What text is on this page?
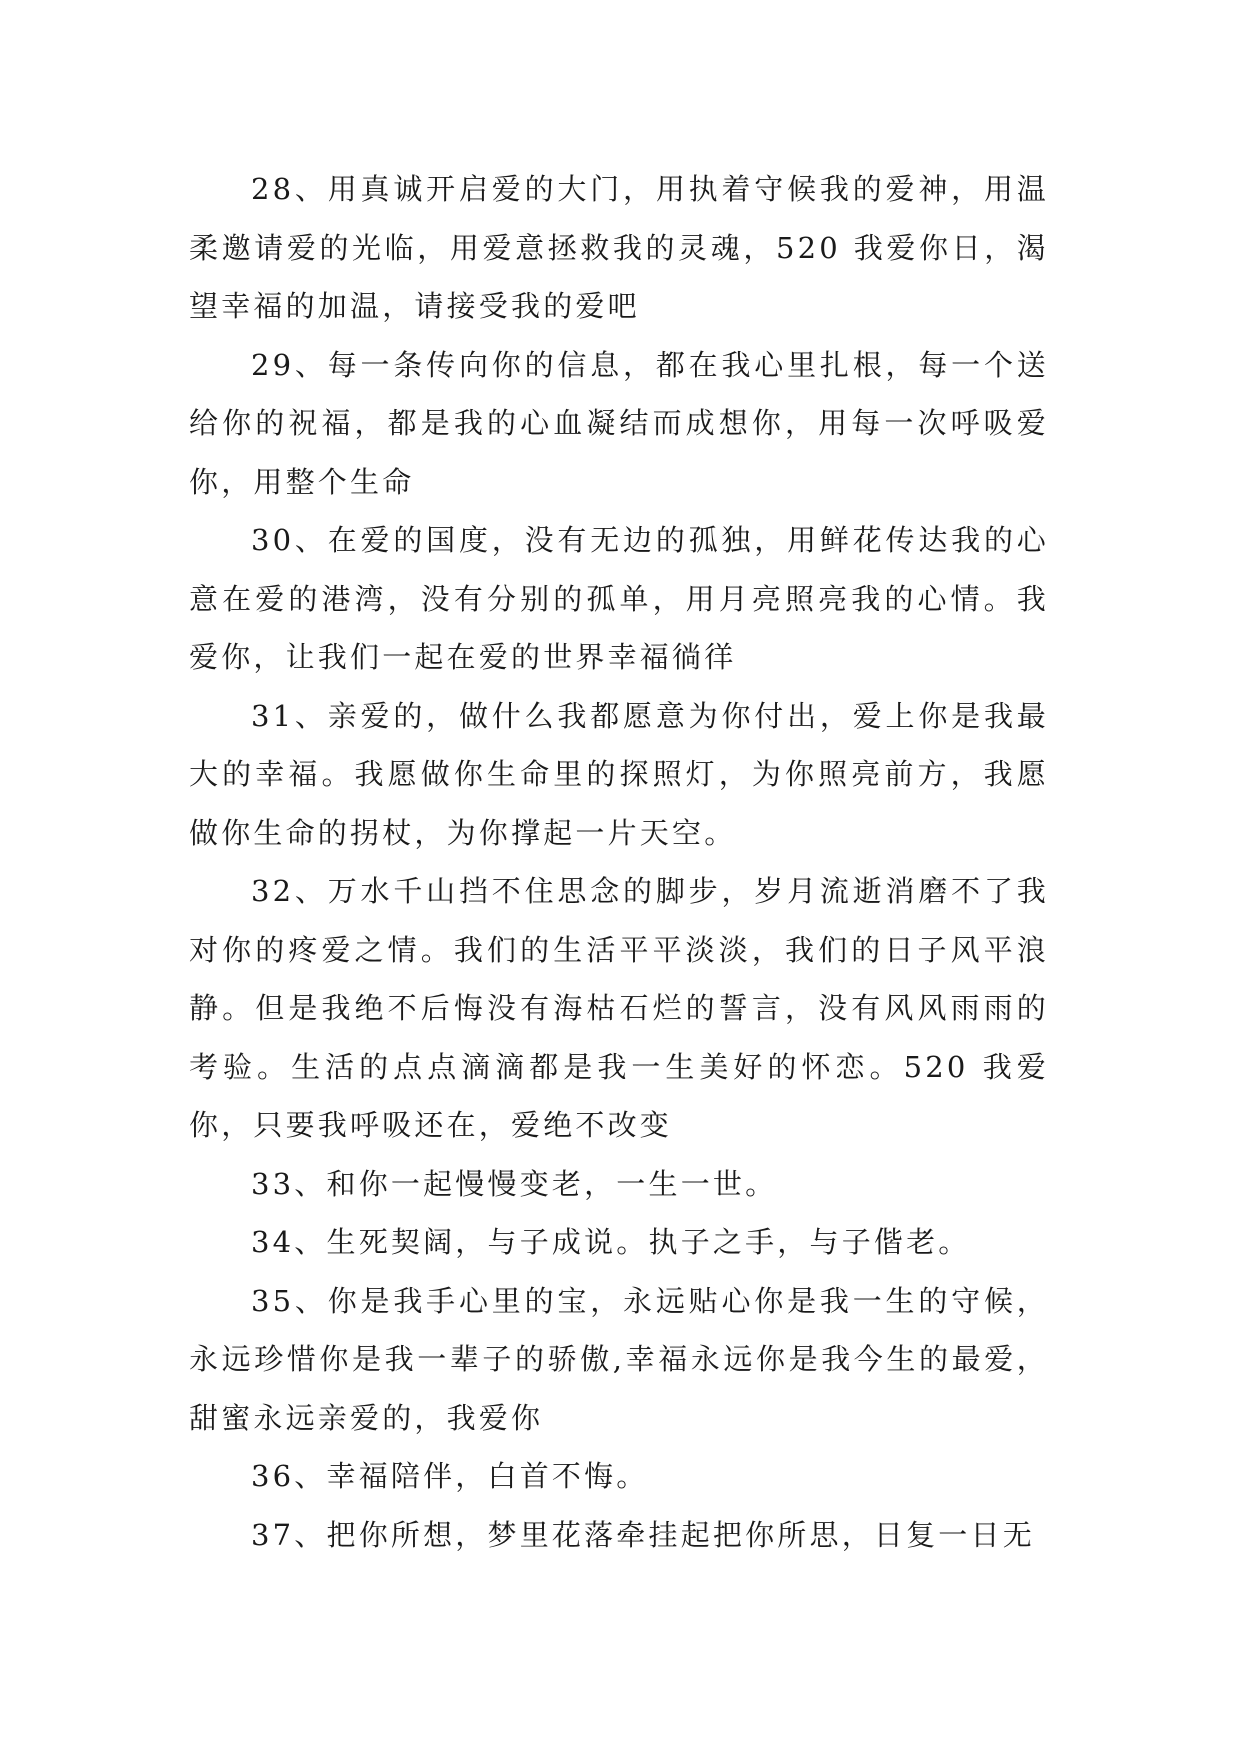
28、用真诚开启爱的大门，用执着守候我的爱神，用温柔邀请爱的光临，用爱意拯救我的灵魂，520 我爱你日，渴望幸福的加温，请接受我的爱吧

29、每一条传向你的信息，都在我心里扎根，每一个送给你的祝福，都是我的心血凝结而成想你，用每一次呼吸爱你，用整个生命

30、在爱的国度，没有无边的孤独，用鲜花传达我的心意在爱的港湾，没有分别的孤单，用月亮照亮我的心情。我爱你，让我们一起在爱的世界幸福徜徉

31、亲爱的，做什么我都愿意为你付出，爱上你是我最大的幸福。我愿做你生命里的探照灯，为你照亮前方，我愿做你生命的拐杖，为你撑起一片天空。

32、万水千山挡不住思念的脚步，岁月流逝消磨不了我对你的疼爱之情。我们的生活平平淡淡，我们的日子风平浪静。但是我绝不后悔没有海枯石烂的誓言，没有风风雨雨的考验。生活的点点滴滴都是我一生美好的怀恋。520 我爱你，只要我呼吸还在，爱绝不改变

33、和你一起慢慢变老，一生一世。

34、生死契阔，与子成说。执子之手，与子偕老。

35、你是我手心里的宝，永远贴心你是我一生的守候，永远珍惜你是我一辈子的骄傲,幸福永远你是我今生的最爱，甜蜜永远亲爱的，我爱你

36、幸福陪伴，白首不悔。

37、把你所想，梦里花落牵挂起把你所思，日复一日无
